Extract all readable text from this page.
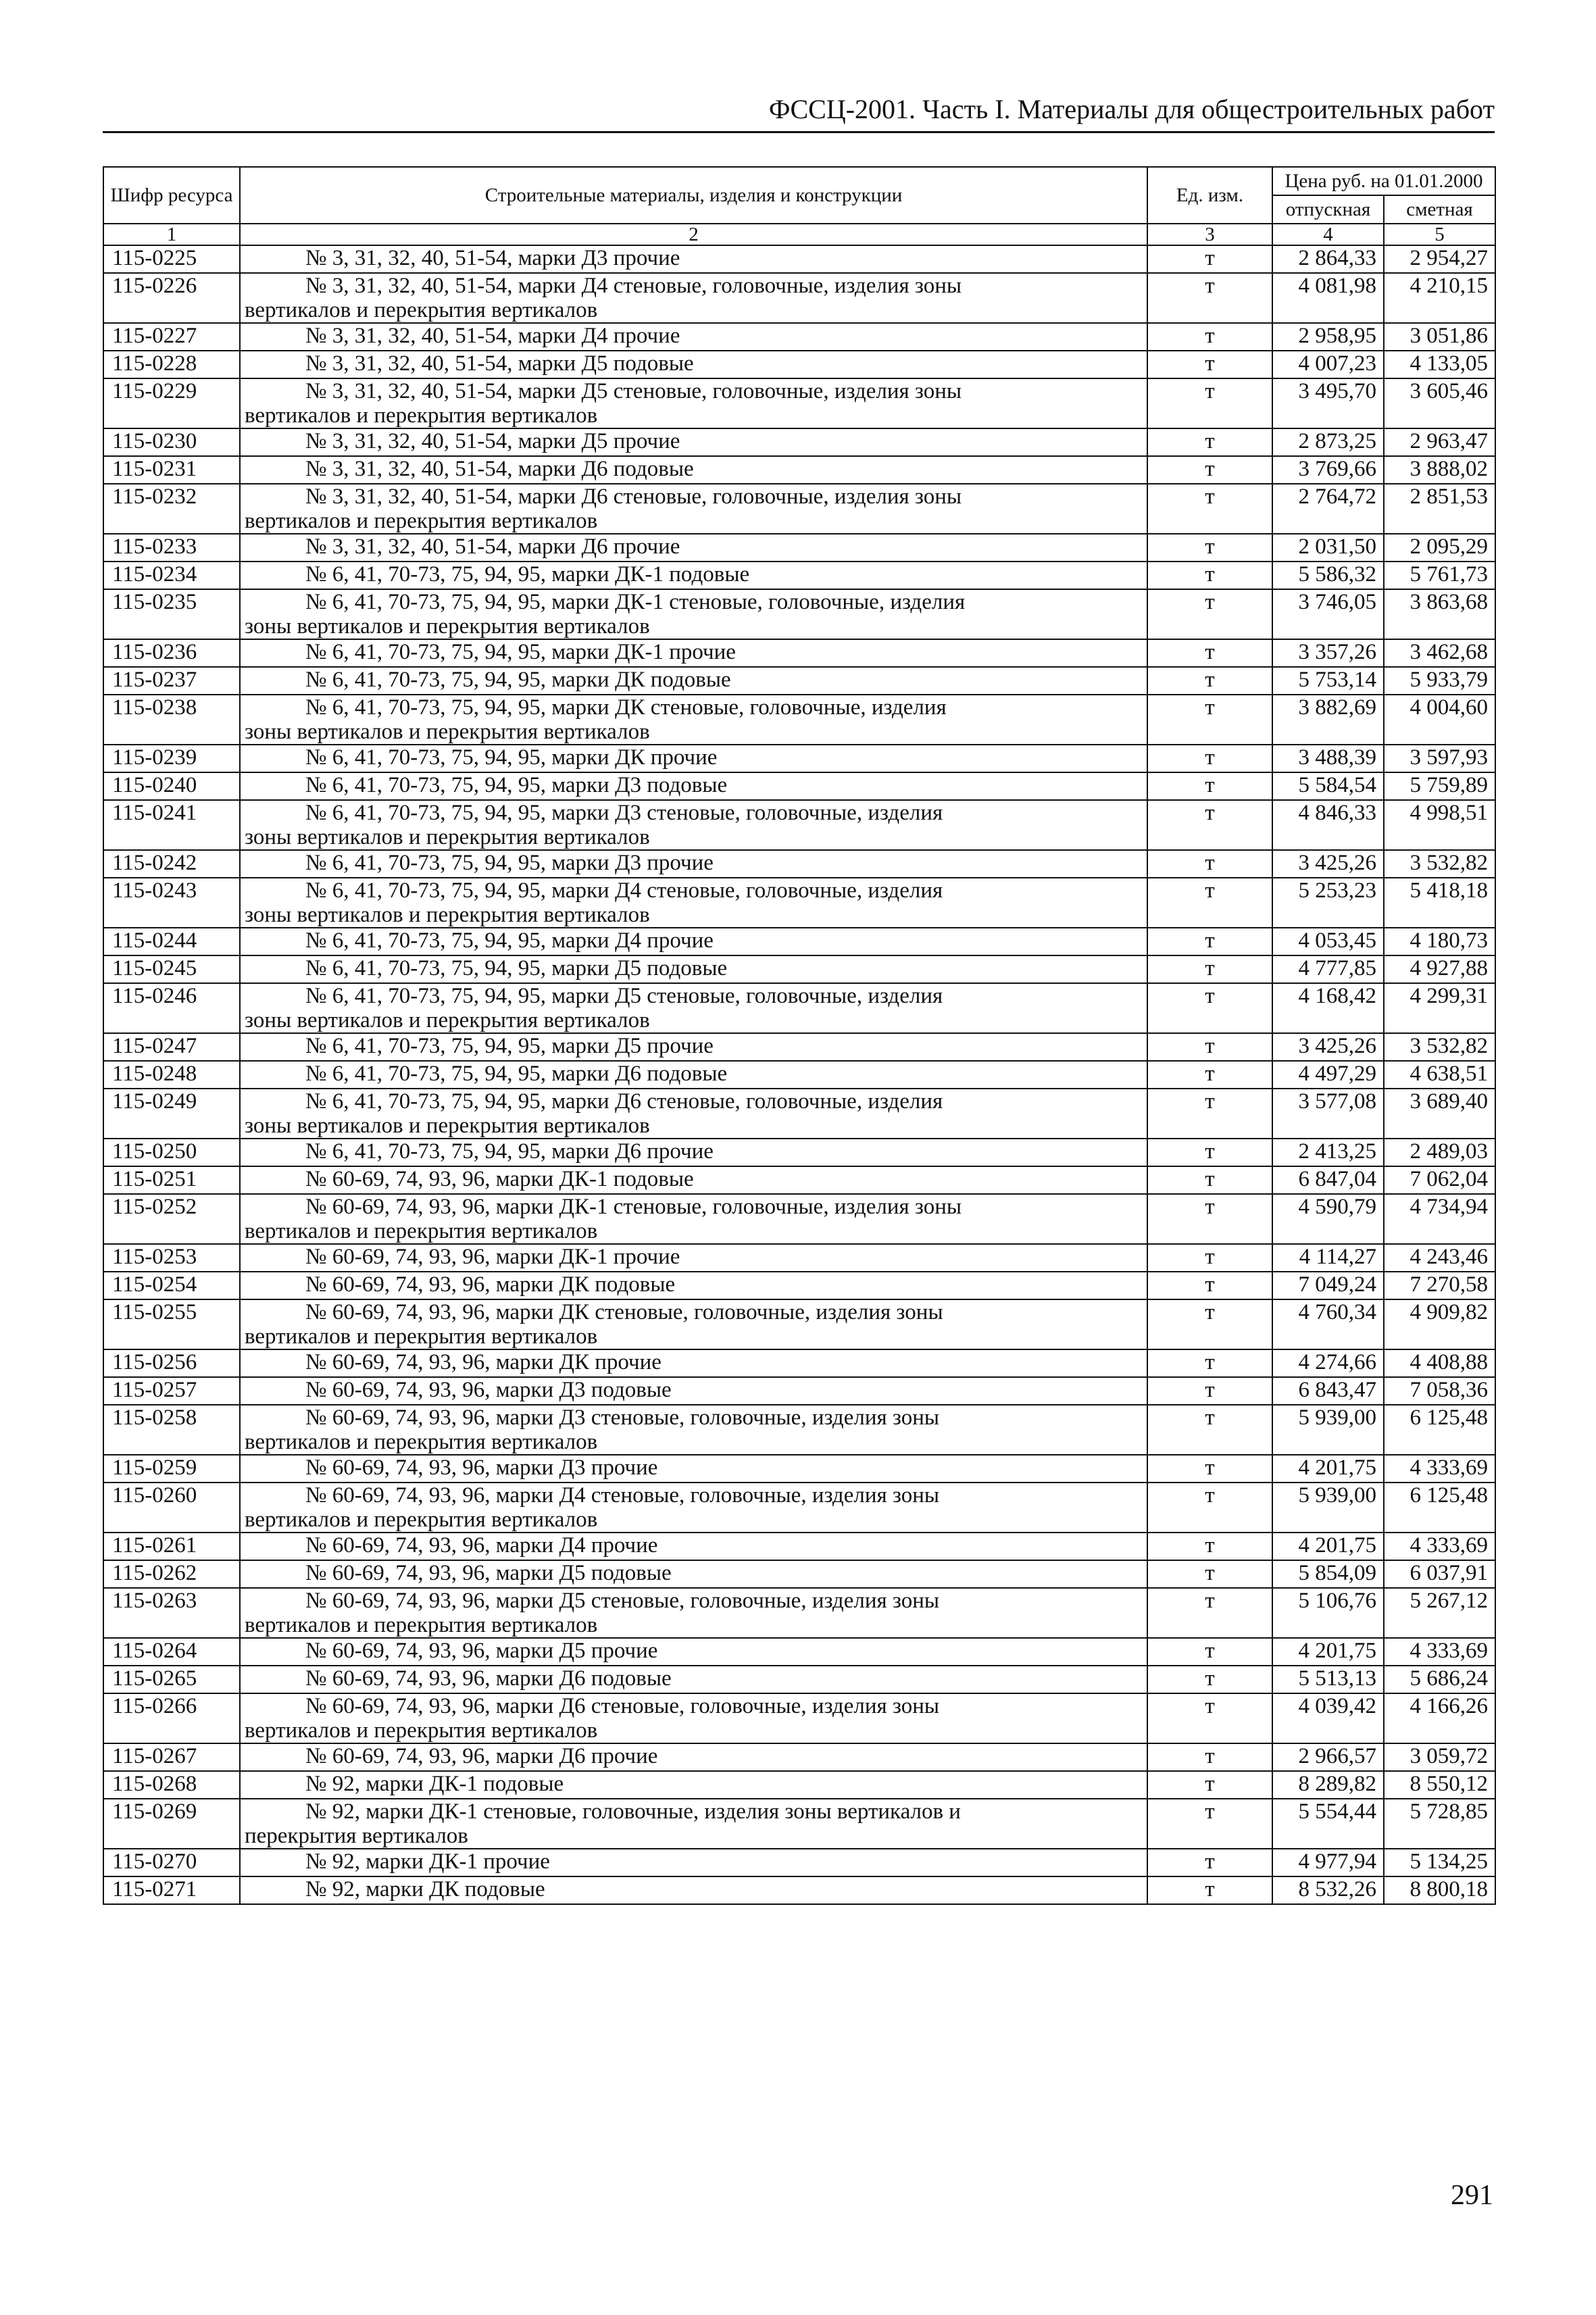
ФССЦ-2001. Часть I. Материалы для общестроительных работ
Шифр ресурса	Строительные материалы, изделия и конструкции	Ед. изм.	Цена руб. на 01.01.2000	
			отпускная	сметная
1	2	3	4	5
115-0225	№ 3, 31, 32, 40, 51-54, марки Д3 прочие	т	2 864,33	2 954,27
115-0226	№ 3, 31, 32, 40, 51-54, марки Д4 стеновые, головочные, изделия зоны
вертикалов и перекрытия вертикалов	т	4 081,98	4 210,15
115-0227	№ 3, 31, 32, 40, 51-54, марки Д4 прочие	т	2 958,95	3 051,86
115-0228	№ 3, 31, 32, 40, 51-54, марки Д5 подовые	т	4 007,23	4 133,05
115-0229	№ 3, 31, 32, 40, 51-54, марки Д5 стеновые, головочные, изделия зоны
вертикалов и перекрытия вертикалов	т	3 495,70	3 605,46
115-0230	№ 3, 31, 32, 40, 51-54, марки Д5 прочие	т	2 873,25	2 963,47
115-0231	№ 3, 31, 32, 40, 51-54, марки Д6 подовые	т	3 769,66	3 888,02
115-0232	№ 3, 31, 32, 40, 51-54, марки Д6 стеновые, головочные, изделия зоны
вертикалов и перекрытия вертикалов	т	2 764,72	2 851,53
115-0233	№ 3, 31, 32, 40, 51-54, марки Д6 прочие	т	2 031,50	2 095,29
115-0234	№ 6, 41, 70-73, 75, 94, 95, марки ДК-1 подовые	т	5 586,32	5 761,73
115-0235	№ 6, 41, 70-73, 75, 94, 95, марки ДК-1 стеновые, головочные, изделия
зоны вертикалов и перекрытия вертикалов	т	3 746,05	3 863,68
115-0236	№ 6, 41, 70-73, 75, 94, 95, марки ДК-1 прочие	т	3 357,26	3 462,68
115-0237	№ 6, 41, 70-73, 75, 94, 95, марки ДК подовые	т	5 753,14	5 933,79
115-0238	№ 6, 41, 70-73, 75, 94, 95, марки ДК стеновые, головочные, изделия
зоны вертикалов и перекрытия вертикалов	т	3 882,69	4 004,60
115-0239	№ 6, 41, 70-73, 75, 94, 95, марки ДК прочие	т	3 488,39	3 597,93
115-0240	№ 6, 41, 70-73, 75, 94, 95, марки Д3 подовые	т	5 584,54	5 759,89
115-0241	№ 6, 41, 70-73, 75, 94, 95, марки Д3 стеновые, головочные, изделия
зоны вертикалов и перекрытия вертикалов	т	4 846,33	4 998,51
115-0242	№ 6, 41, 70-73, 75, 94, 95, марки Д3 прочие	т	3 425,26	3 532,82
115-0243	№ 6, 41, 70-73, 75, 94, 95, марки Д4 стеновые, головочные, изделия
зоны вертикалов и перекрытия вертикалов	т	5 253,23	5 418,18
115-0244	№ 6, 41, 70-73, 75, 94, 95, марки Д4 прочие	т	4 053,45	4 180,73
115-0245	№ 6, 41, 70-73, 75, 94, 95, марки Д5 подовые	т	4 777,85	4 927,88
115-0246	№ 6, 41, 70-73, 75, 94, 95, марки Д5 стеновые, головочные, изделия
зоны вертикалов и перекрытия вертикалов	т	4 168,42	4 299,31
115-0247	№ 6, 41, 70-73, 75, 94, 95, марки Д5 прочие	т	3 425,26	3 532,82
115-0248	№ 6, 41, 70-73, 75, 94, 95, марки Д6 подовые	т	4 497,29	4 638,51
115-0249	№ 6, 41, 70-73, 75, 94, 95, марки Д6 стеновые, головочные, изделия
зоны вертикалов и перекрытия вертикалов	т	3 577,08	3 689,40
115-0250	№ 6, 41, 70-73, 75, 94, 95, марки Д6 прочие	т	2 413,25	2 489,03
115-0251	№ 60-69, 74, 93, 96, марки ДК-1 подовые	т	6 847,04	7 062,04
115-0252	№ 60-69, 74, 93, 96, марки ДК-1 стеновые, головочные, изделия зоны
вертикалов и перекрытия вертикалов	т	4 590,79	4 734,94
115-0253	№ 60-69, 74, 93, 96, марки ДК-1 прочие	т	4 114,27	4 243,46
115-0254	№ 60-69, 74, 93, 96, марки ДК подовые	т	7 049,24	7 270,58
115-0255	№ 60-69, 74, 93, 96, марки ДК стеновые, головочные, изделия зоны
вертикалов и перекрытия вертикалов	т	4 760,34	4 909,82
115-0256	№ 60-69, 74, 93, 96, марки ДК прочие	т	4 274,66	4 408,88
115-0257	№ 60-69, 74, 93, 96, марки Д3 подовые	т	6 843,47	7 058,36
115-0258	№ 60-69, 74, 93, 96, марки Д3 стеновые, головочные, изделия зоны
вертикалов и перекрытия вертикалов	т	5 939,00	6 125,48
115-0259	№ 60-69, 74, 93, 96, марки Д3 прочие	т	4 201,75	4 333,69
115-0260	№ 60-69, 74, 93, 96, марки Д4 стеновые, головочные, изделия зоны
вертикалов и перекрытия вертикалов	т	5 939,00	6 125,48
115-0261	№ 60-69, 74, 93, 96, марки Д4 прочие	т	4 201,75	4 333,69
115-0262	№ 60-69, 74, 93, 96, марки Д5 подовые	т	5 854,09	6 037,91
115-0263	№ 60-69, 74, 93, 96, марки Д5 стеновые, головочные, изделия зоны
вертикалов и перекрытия вертикалов	т	5 106,76	5 267,12
115-0264	№ 60-69, 74, 93, 96, марки Д5 прочие	т	4 201,75	4 333,69
115-0265	№ 60-69, 74, 93, 96, марки Д6 подовые	т	5 513,13	5 686,24
115-0266	№ 60-69, 74, 93, 96, марки Д6 стеновые, головочные, изделия зоны
вертикалов и перекрытия вертикалов	т	4 039,42	4 166,26
115-0267	№ 60-69, 74, 93, 96, марки Д6 прочие	т	2 966,57	3 059,72
115-0268	№ 92, марки ДК-1 подовые	т	8 289,82	8 550,12
115-0269	№ 92, марки ДК-1 стеновые, головочные, изделия зоны вертикалов и
перекрытия вертикалов	т	5 554,44	5 728,85
115-0270	№ 92, марки ДК-1 прочие	т	4 977,94	5 134,25
115-0271	№ 92, марки ДК подовые	т	8 532,26	8 800,18
291
